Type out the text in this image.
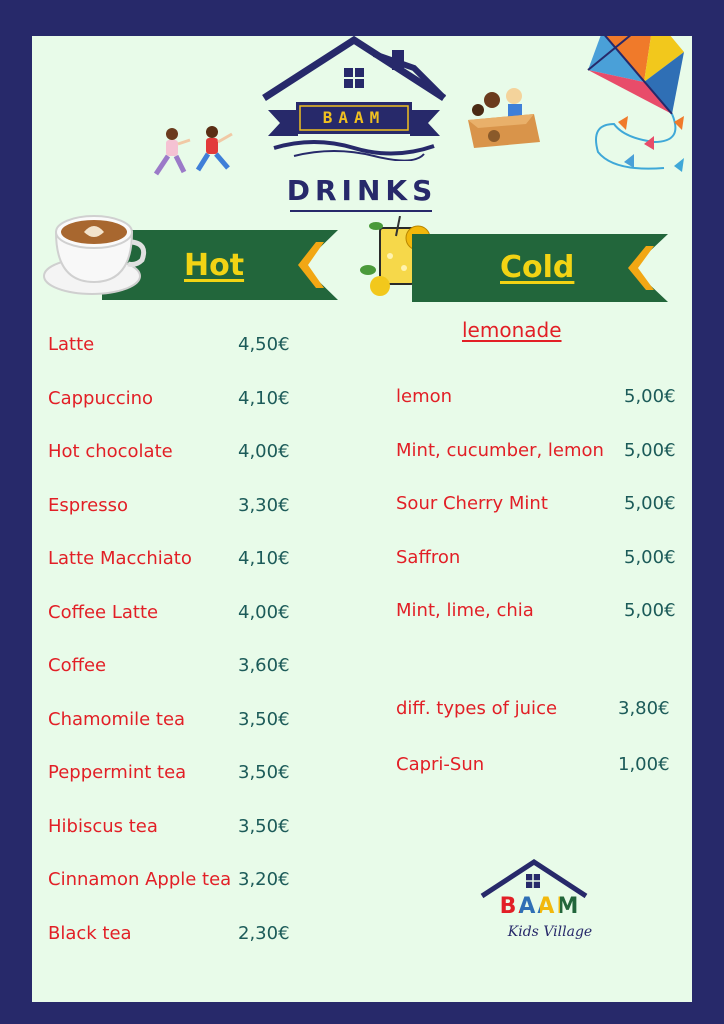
BAAM
DRINKS
Hot	Cold
Latte	4,50€
Cappuccino	4,10€
Hot chocolate	4,00€
Espresso	3,30€
Latte Macchiato	4,10€
Coffee Latte	4,00€
Coffee	3,60€
Chamomile tea	3,50€
Peppermint tea	3,50€
Hibiscus tea	3,50€
Cinnamon Apple tea 3,20€
Black tea	2,30€
lemonade
lemon	5,00€
Mint, cucumber, lemon 5,00€
Sour Cherry Mint	5,00€
Saffron	5,00€
Mint, lime, chia	5,00€
diff. types of juice	3,80€
Capri-Sun	1,00€
BAAM
Kids Village
